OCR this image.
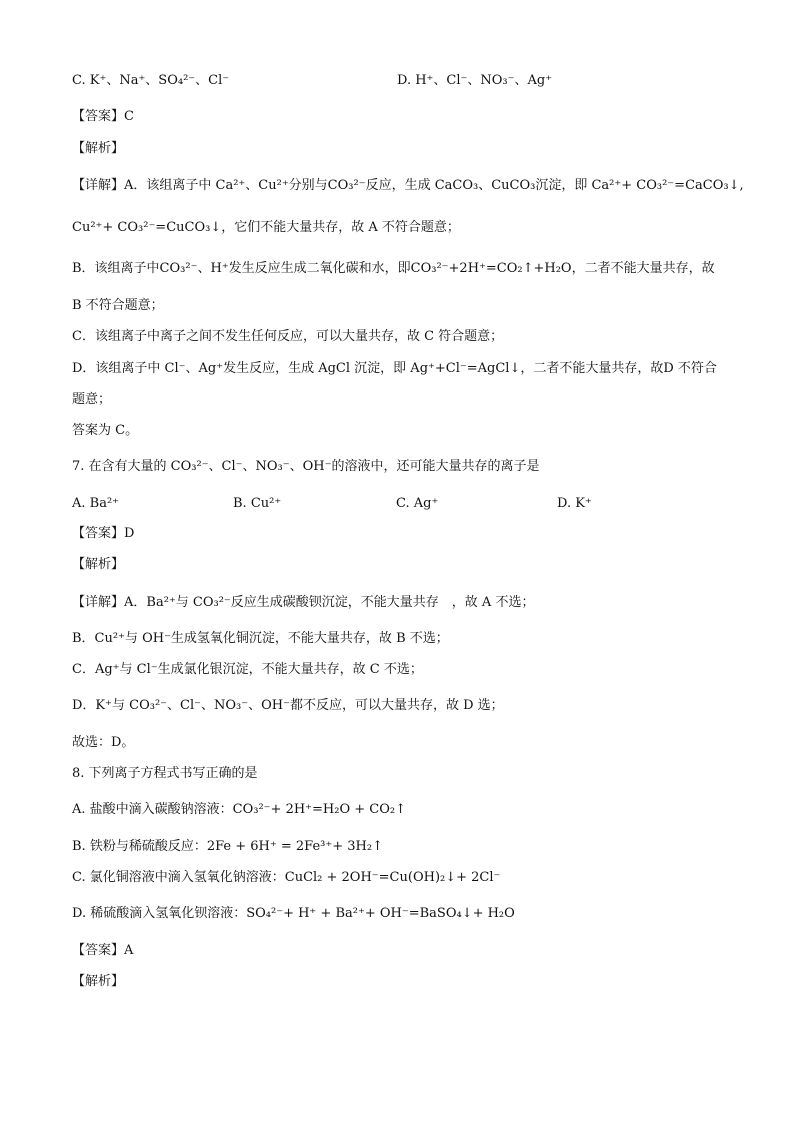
C. K⁺、Na⁺、SO₄²⁻、Cl⁻	D. H⁺、Cl⁻、NO₃⁻、Ag⁺
【答案】C
【解析】
【详解】A．该组离子中 Ca²⁺、Cu²⁺分别与CO₃²⁻反应，生成 CaCO₃、CuCO₃沉淀，即 Ca²⁺+ CO₃²⁻=CaCO₃↓,
Cu²⁺+ CO₃²⁻=CuCO₃↓，它们不能大量共存，故 A 不符合题意；
B．该组离子中CO₃²⁻、H⁺发生反应生成二氧化碳和水，即CO₃²⁻+2H⁺=CO₂↑+H₂O，二者不能大量共存，故
B 不符合题意；
C．该组离子中离子之间不发生任何反应，可以大量共存，故 C 符合题意；
D．该组离子中 Cl⁻、Ag⁺发生反应，生成 AgCl 沉淀，即 Ag⁺+Cl⁻=AgCl↓，二者不能大量共存，故D 不符合
题意；
答案为 C。
7. 在含有大量的 CO₃²⁻、Cl⁻、NO₃⁻、OH⁻的溶液中，还可能大量共存的离子是
A. Ba²⁺	B. Cu²⁺	C. Ag⁺	D. K⁺
【答案】D
【解析】
【详解】A．Ba²⁺与 CO₃²⁻反应生成碳酸钡沉淀，不能大量共存　，故 A 不选；
B．Cu²⁺与 OH⁻生成氢氧化铜沉淀，不能大量共存，故 B 不选；
C．Ag⁺与 Cl⁻生成氯化银沉淀，不能大量共存，故 C 不选；
D．K⁺与 CO₃²⁻、Cl⁻、NO₃⁻、OH⁻都不反应，可以大量共存，故 D 选；
故选：D。
8. 下列离子方程式书写正确的是
A. 盐酸中滴入碳酸钠溶液：CO₃²⁻+ 2H⁺=H₂O + CO₂↑
B. 铁粉与稀硫酸反应：2Fe + 6H⁺ = 2Fe³⁺+ 3H₂↑
C. 氯化铜溶液中滴入氢氧化钠溶液：CuCl₂ + 2OH⁻=Cu(OH)₂↓+ 2Cl⁻
D. 稀硫酸滴入氢氧化钡溶液：SO₄²⁻+ H⁺ + Ba²⁺+ OH⁻=BaSO₄↓+ H₂O
【答案】A
【解析】
